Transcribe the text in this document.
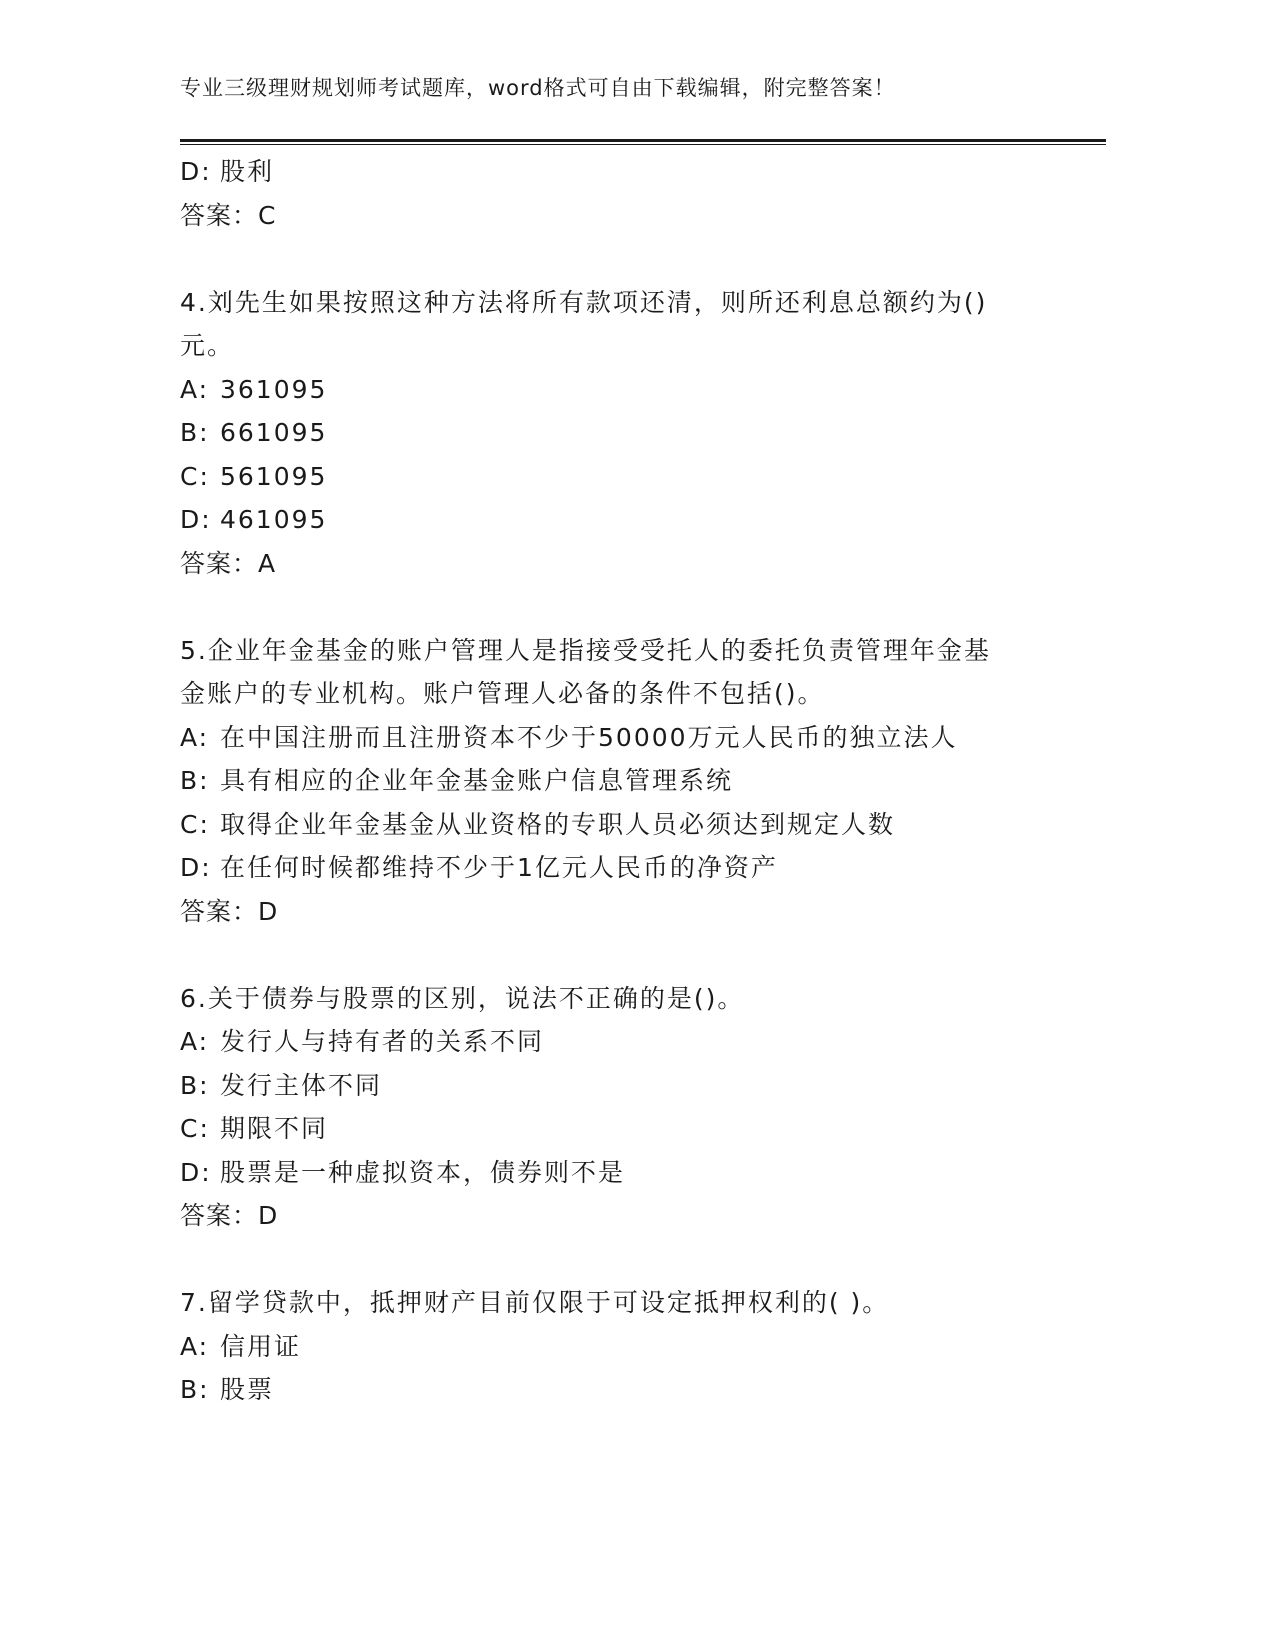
专业三级理财规划师考试题库，word格式可自由下载编辑，附完整答案！
D: 股利
答案：C
4.刘先生如果按照这种方法将所有款项还清，则所还利息总额约为()
元。
A: 361095
B: 661095
C: 561095
D: 461095
答案：A
5.企业年金基金的账户管理人是指接受受托人的委托负责管理年金基
金账户的专业机构。账户管理人必备的条件不包括()。
A: 在中国注册而且注册资本不少于50000万元人民币的独立法人
B: 具有相应的企业年金基金账户信息管理系统
C: 取得企业年金基金从业资格的专职人员必须达到规定人数
D: 在任何时候都维持不少于1亿元人民币的净资产
答案：D
6.关于债券与股票的区别，说法不正确的是()。
A: 发行人与持有者的关系不同
B: 发行主体不同
C: 期限不同
D: 股票是一种虚拟资本，债券则不是
答案：D
7.留学贷款中，抵押财产目前仅限于可设定抵押权利的( )。
A: 信用证
B: 股票
